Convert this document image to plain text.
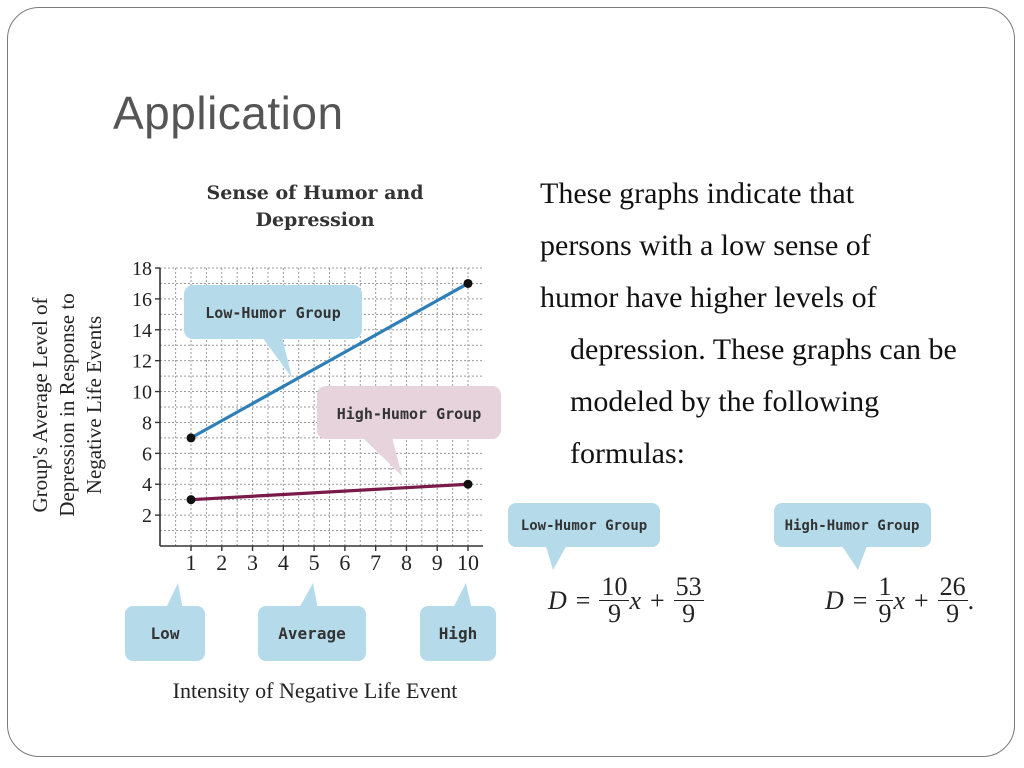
Application
Sense of Humor and Depression
1 2 3 4 5 6 7 8 9 10
2
4
6
8
10
12
14
16
18
Group's Average Level of Depression in Response to Negative Life Events
Low-Humor Group
High-Humor Group
Low	Average	High
Intensity of Negative Life Event
Low-Humor Group	High-Humor Group

These graphs indicate that

persons with a low sense of

humor have higher levels of depression. These graphs can be modeled by the following formulas:

$D = \frac{10}{9}$ $x + \frac{53}{9}$	$D = \frac{1}{9}$ $x + \frac{26}{9}$ .
